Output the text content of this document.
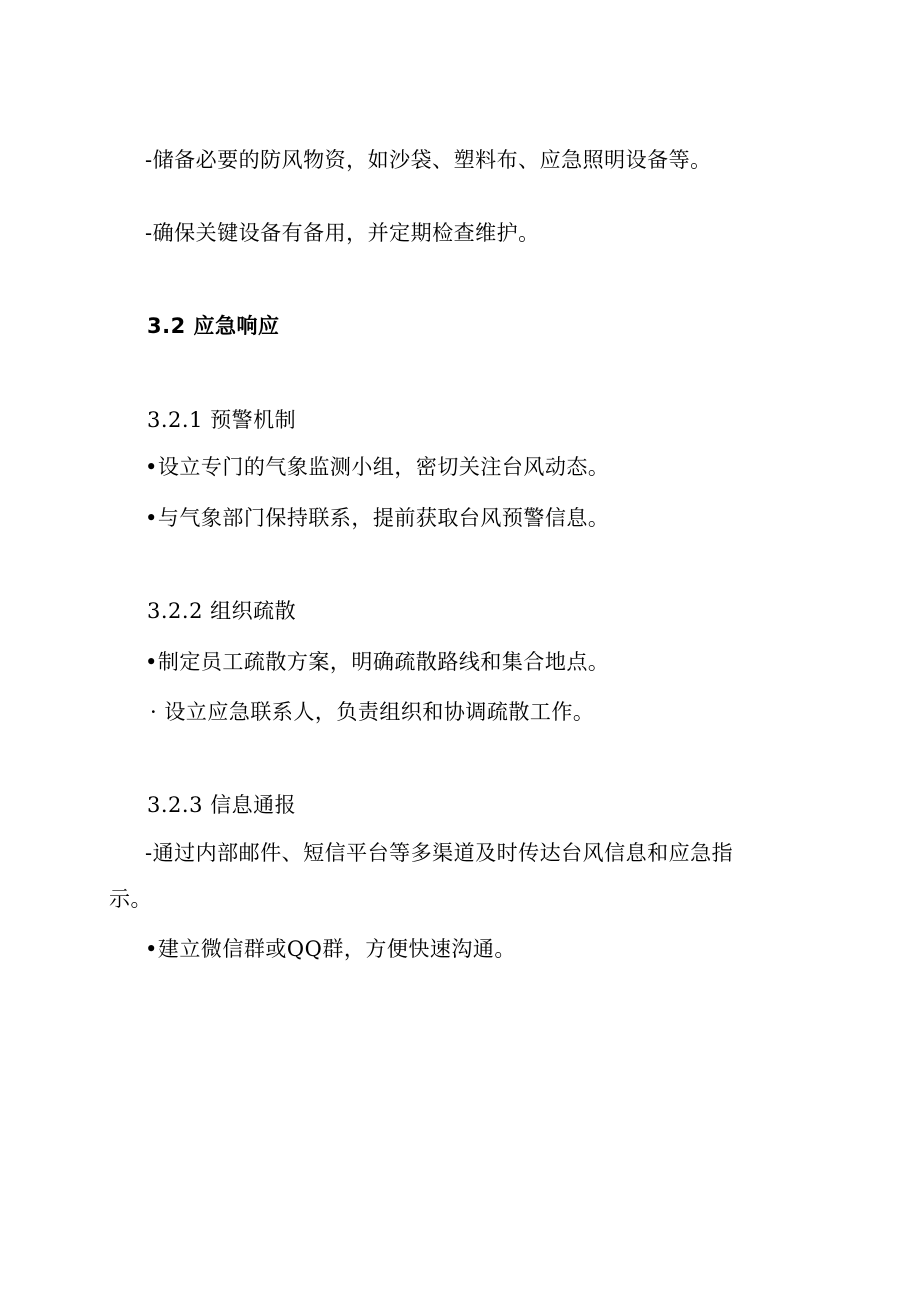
-储备必要的防风物资，如沙袋、塑料布、应急照明设备等。
-确保关键设备有备用，并定期检查维护。
3.2 应急响应
3.2.1 预警机制
•设立专门的气象监测小组，密切关注台风动态。
•与气象部门保持联系，提前获取台风预警信息。
3.2.2 组织疏散
•制定员工疏散方案，明确疏散路线和集合地点。
· 设立应急联系人，负责组织和协调疏散工作。
3.2.3 信息通报
-通过内部邮件、短信平台等多渠道及时传达台风信息和应急指
示。
•建立微信群或QQ群，方便快速沟通。
